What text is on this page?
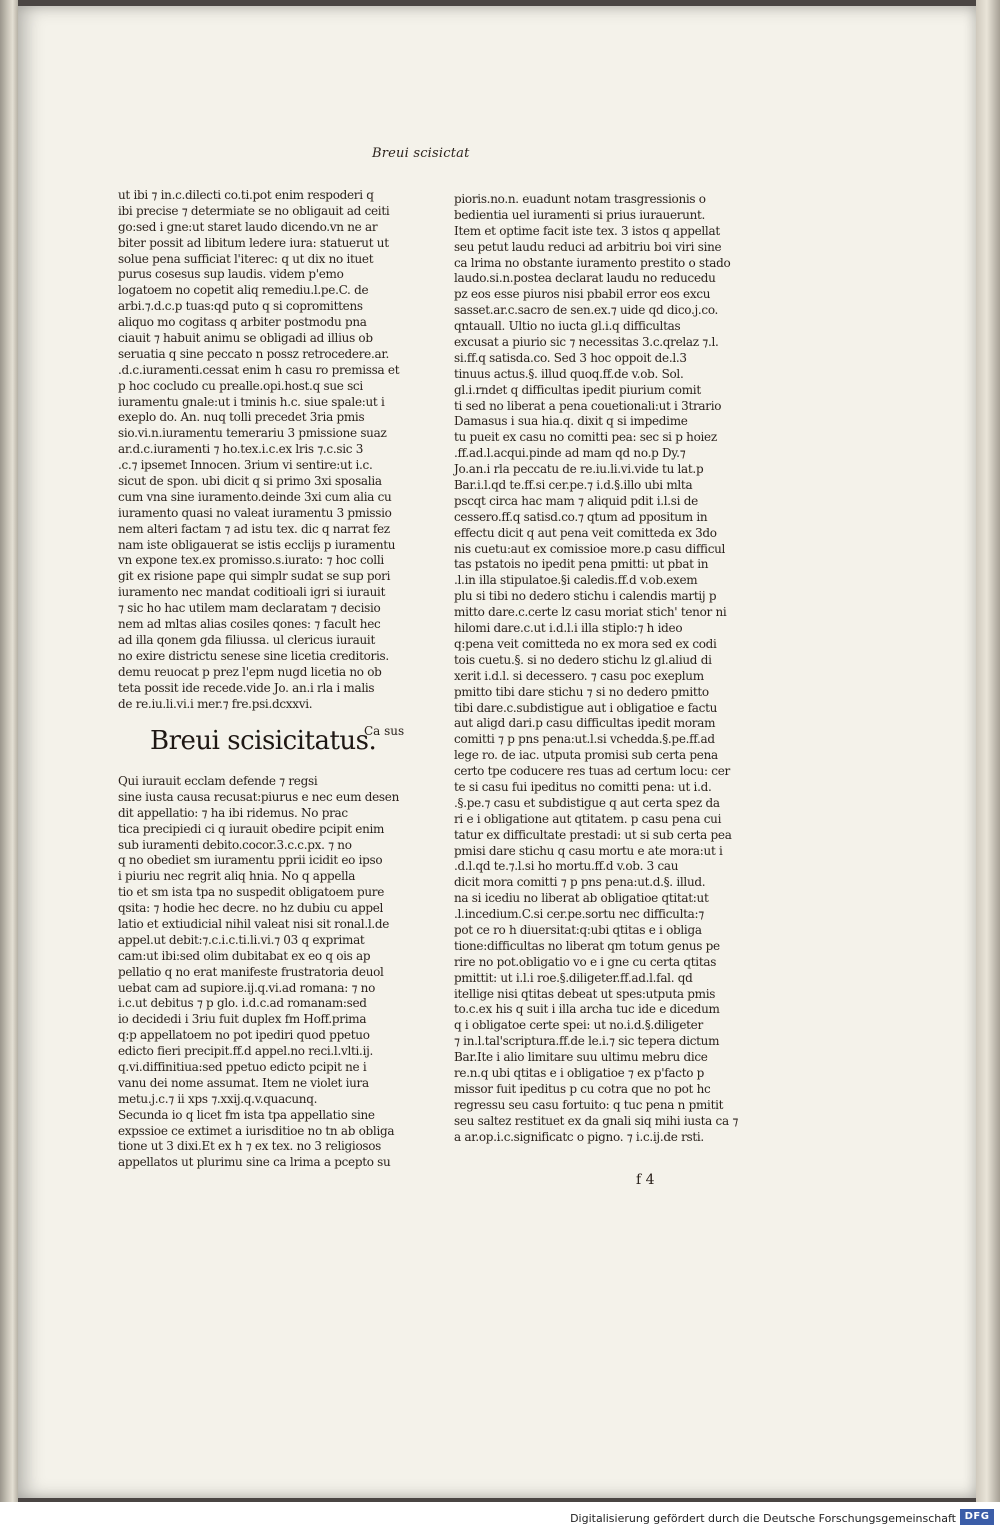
Breui scisictat
ut ibi ⁊ in.c.dilecti co.ti.pot enim respoderi q
ibi precise ⁊ determiate se no obligauit ad ceiti
go:sed i gne:ut staret laudo dicendo.vn ne ar
biter possit ad libitum ledere iura: statuerut ut
solue pena sufficiat l'iterec: q ut dix no ituet
purus cosesus sup laudis. videm p'emo
logatoem no copetit aliq remediu.l.pe.C. de
arbi.⁊.d.c.p tuas:qd puto q si copromittens
aliquo mo cogitass q arbiter postmodu pna
ciauit ⁊ habuit animu se obligadi ad illius ob
seruatia q sine peccato n possz retrocedere.ar.
.d.c.iuramenti.cessat enim h casu ro premissa et
p hoc cocludo cu prealle.opi.host.q sue sci
iuramentu gnale:ut i tminis h.c. siue spale:ut i
exeplo do. An. nuq tolli precedet 3ria pmis
sio.vi.n.iuramentu temerariu 3 pmissione suaz
ar.d.c.iuramenti ⁊ ho.tex.i.c.ex lris ⁊.c.sic 3
.c.⁊ ipsemet Innocen. 3rium vi sentire:ut i.c.
sicut de spon. ubi dicit q si primo 3xi sposalia
cum vna sine iuramento.deinde 3xi cum alia cu
iuramento quasi no valeat iuramentu 3 pmissio
nem alteri factam ⁊ ad istu tex. dic q narrat fez
nam iste obligauerat se istis ecclijs p iuramentu
vn expone tex.ex promisso.s.iurato: ⁊ hoc colli
git ex risione pape qui simplr sudat se sup pori
iuramento nec mandat coditioali igri si iurauit
⁊ sic ho hac utilem mam declaratam ⁊ decisio
nem ad mltas alias cosiles qones: ⁊ facult hec
ad illa qonem gda filiussa. ul clericus iurauit
no exire districtu senese sine licetia creditoris.
demu reuocat p prez l'epm nugd licetia no ob
teta possit ide recede.vide Jo. an.i rla i malis
de re.iu.li.vi.i mer.⁊ fre.psi.dcxxvi.
Breui scisicitatus.
Ca sus
Qui iurauit ecclam defende ⁊ regsi
sine iusta causa recusat:piurus e nec eum desen
dit appellatio: ⁊ ha ibi ridemus. No prac
tica precipiedi ci q iurauit obedire pcipit enim
sub iuramenti debito.cocor.3.c.c.px. ⁊ no
q no obediet sm iuramentu pprii icidit eo ipso
i piuriu nec regrit aliq hnia. No q appella
tio et sm ista tpa no suspedit obligatoem pure
qsita: ⁊ hodie hec decre. no hz dubiu cu appel
latio et extiudicial nihil valeat nisi sit ronal.l.de
appel.ut debit:⁊.c.i.c.ti.li.vi.⁊ 03 q exprimat
cam:ut ibi:sed olim dubitabat ex eo q ois ap
pellatio q no erat manifeste frustratoria deuol
uebat cam ad supiore.ij.q.vi.ad romana: ⁊ no
i.c.ut debitus ⁊ p glo. i.d.c.ad romanam:sed
io decidedi i 3riu fuit duplex fm Hoff.prima
q:p appellatoem no pot ipediri quod ppetuo
edicto fieri precipit.ff.d appel.no reci.l.vlti.ij.
q.vi.diffinitiua:sed ppetuo edicto pcipit ne i
vanu dei nome assumat. Item ne violet iura
metu.j.c.⁊ ii xps ⁊.xxij.q.v.quacunq.
Secunda io q licet fm ista tpa appellatio sine
expssioe ce extimet a iurisditioe no tn ab obliga
tione ut 3 dixi.Et ex h ⁊ ex tex. no 3 religiosos
appellatos ut plurimu sine ca lrima a pcepto su
pioris.no.n. euadunt notam trasgressionis o
bedientia uel iuramenti si prius iurauerunt.
Item et optime facit iste tex. 3 istos q appellat
seu petut laudu reduci ad arbitriu boi viri sine
ca lrima no obstante iuramento prestito o stado
laudo.si.n.postea declarat laudu no reducedu
pz eos esse piuros nisi pbabil error eos excu
sasset.ar.c.sacro de sen.ex.⁊ uide qd dico.j.co.
qntauall. Ultio no iucta gl.i.q difficultas
excusat a piurio sic ⁊ necessitas 3.c.qrelaz ⁊.l.
si.ff.q satisda.co. Sed 3 hoc oppoit de.l.3
tinuus actus.§. illud quoq.ff.de v.ob. Sol.
gl.i.rndet q difficultas ipedit piurium comit
ti sed no liberat a pena couetionali:ut i 3trario
Damasus i sua hia.q. dixit q si impedime
tu pueit ex casu no comitti pea: sec si p hoiez
.ff.ad.l.acqui.pinde ad mam qd no.p Dy.⁊
Jo.an.i rla peccatu de re.iu.li.vi.vide tu lat.p
Bar.i.l.qd te.ff.si cer.pe.⁊ i.d.§.illo ubi mlta
pscqt circa hac mam ⁊ aliquid pdit i.l.si de
cessero.ff.q satisd.co.⁊ qtum ad ppositum in
effectu dicit q aut pena veit comitteda ex 3do
nis cuetu:aut ex comissioe more.p casu difficul
tas pstatois no ipedit pena pmitti: ut pbat in
.l.in illa stipulatoe.§i caledis.ff.d v.ob.exem
plu si tibi no dedero stichu i calendis martij p
mitto dare.c.certe lz casu moriat stich' tenor ni
hilomi dare.c.ut i.d.l.i illa stiplo:⁊ h ideo
q:pena veit comitteda no ex mora sed ex codi
tois cuetu.§. si no dedero stichu lz gl.aliud di
xerit i.d.l. si decessero. ⁊ casu poc exeplum
pmitto tibi dare stichu ⁊ si no dedero pmitto
tibi dare.c.subdistigue aut i obligatioe e factu
aut aligd dari.p casu difficultas ipedit moram
comitti ⁊ p pns pena:ut.l.si vchedda.§.pe.ff.ad
lege ro. de iac. utputa promisi sub certa pena
certo tpe coducere res tuas ad certum locu: cer
te si casu fui ipeditus no comitti pena: ut i.d.
.§.pe.⁊ casu et subdistigue q aut certa spez da
ri e i obligatione aut qtitatem. p casu pena cui
tatur ex difficultate prestadi: ut si sub certa pea
pmisi dare stichu q casu mortu e ate mora:ut i
.d.l.qd te.⁊.l.si ho mortu.ff.d v.ob. 3 cau
dicit mora comitti ⁊ p pns pena:ut.d.§. illud.
na si icediu no liberat ab obligatioe qtitat:ut
.l.incedium.C.si cer.pe.sortu nec difficulta:⁊
pot ce ro h diuersitat:q:ubi qtitas e i obliga
tione:difficultas no liberat qm totum genus pe
rire no pot.obligatio vo e i gne cu certa qtitas
pmittit: ut i.l.i roe.§.diligeter.ff.ad.l.fal. qd
itellige nisi qtitas debeat ut spes:utputa pmis
to.c.ex his q suit i illa archa tuc ide e dicedum
q i obligatoe certe spei: ut no.i.d.§.diligeter
⁊ in.l.tal'scriptura.ff.de le.i.⁊ sic tepera dictum
Bar.Ite i alio limitare suu ultimu mebru dice
re.n.q ubi qtitas e i obligatioe ⁊ ex p'facto p
missor fuit ipeditus p cu cotra que no pot hc
regressu seu casu fortuito: q tuc pena n pmitit
seu saltez restituet ex da gnali siq mihi iusta ca ⁊
a ar.op.i.c.significatc o pigno. ⁊ i.c.ij.de rsti.
f 4
Digitalisierung gefördert durch die Deutsche Forschungsgemeinschaft DFG
